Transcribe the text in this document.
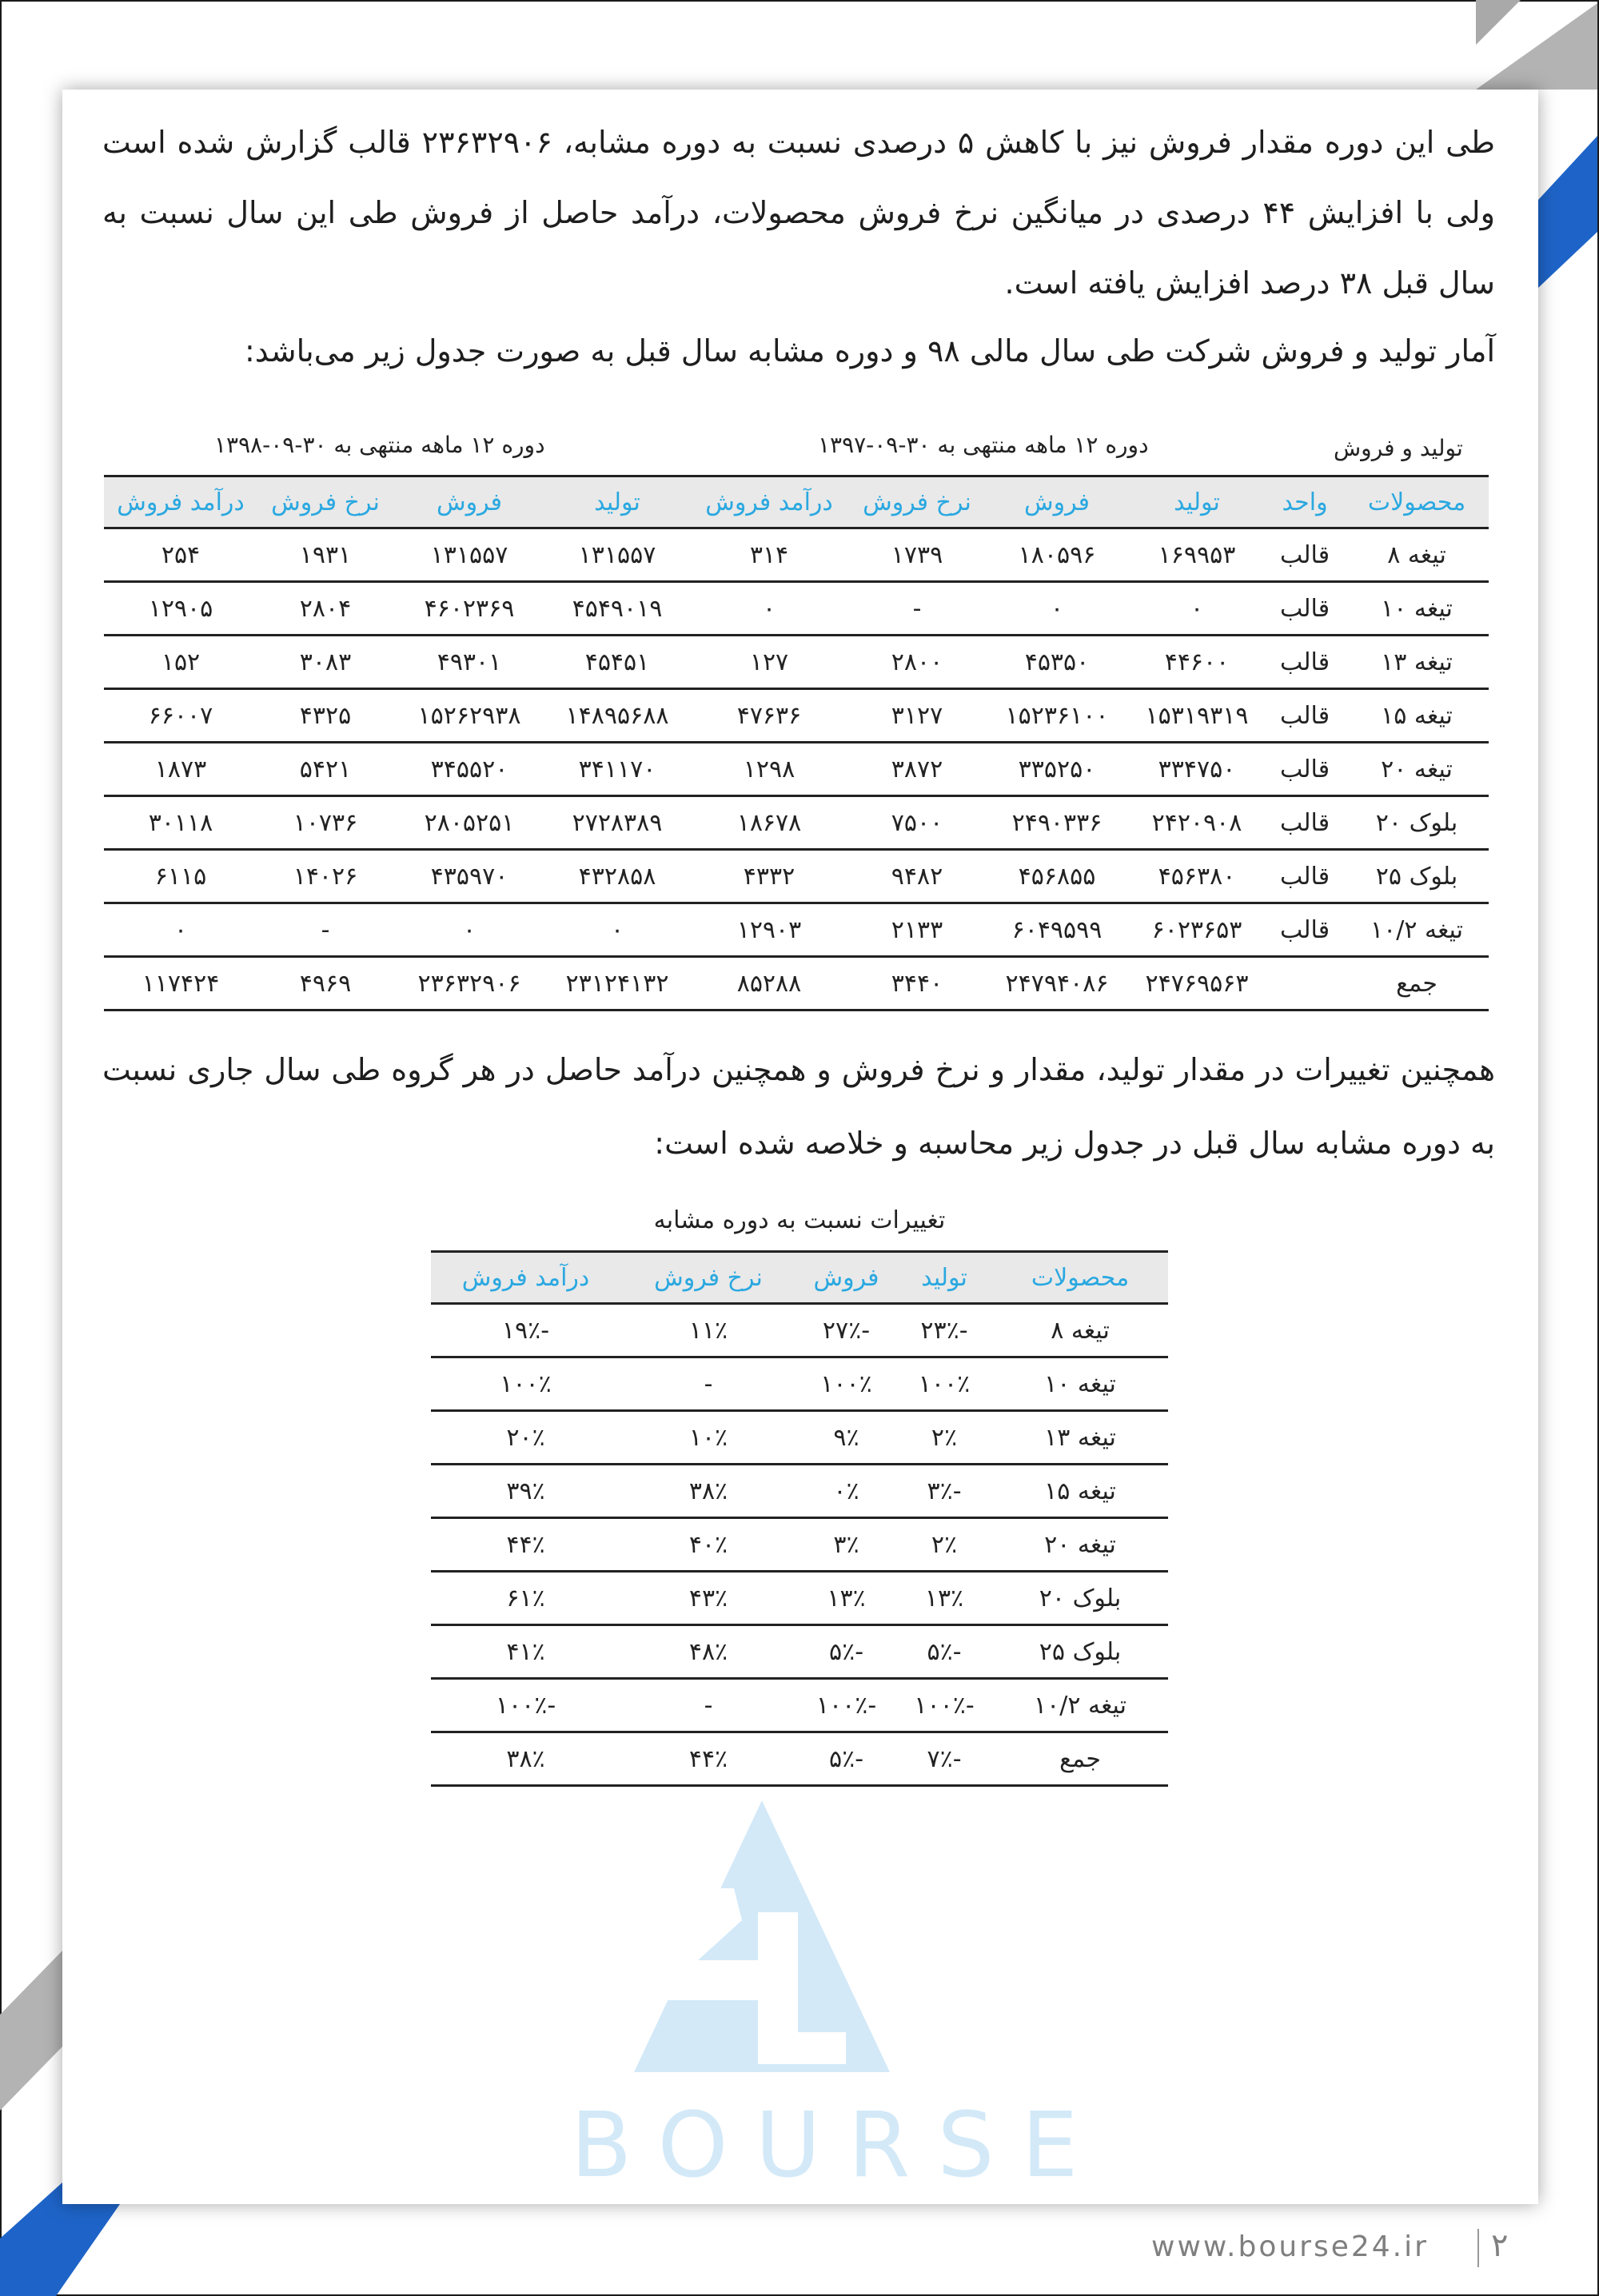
طی این دوره مقدار فروش نیز با کاهش ۵ درصدی نسبت به دوره مشابه، ۲۳۶۳۲۹۰۶ قالب گزارش شده است ولی با افزایش ۴۴ درصدی در میانگین نرخ فروش محصولات، درآمد حاصل از فروش طی این سال نسبت به سال قبل ۳۸ درصد افزایش یافته است.
آمار تولید و فروش شرکت طی سال مالی ۹۸ و دوره مشابه سال قبل به صورت جدول زیر می‌باشد:
تولید و فروش
دوره ۱۲ ماهه منتهی به ۳۰-۰۹-۱۳۹۷
دوره ۱۲ ماهه منتهی به ۳۰-۰۹-۱۳۹۸
محصولات	واحد	تولید	فروش	نرخ فروش	درآمد فروش	تولید	فروش	نرخ فروش	درآمد فروش
تیغه ۸	قالب	۱۶۹۹۵۳	۱۸۰۵۹۶	۱۷۳۹	۳۱۴	۱۳۱۵۵۷	۱۳۱۵۵۷	۱۹۳۱	۲۵۴
تیغه ۱۰	قالب	۰	۰	-	۰	۴۵۴۹۰۱۹	۴۶۰۲۳۶۹	۲۸۰۴	۱۲۹۰۵
تیغه ۱۳	قالب	۴۴۶۰۰	۴۵۳۵۰	۲۸۰۰	۱۲۷	۴۵۴۵۱	۴۹۳۰۱	۳۰۸۳	۱۵۲
تیغه ۱۵	قالب	۱۵۳۱۹۳۱۹	۱۵۲۳۶۱۰۰	۳۱۲۷	۴۷۶۳۶	۱۴۸۹۵۶۸۸	۱۵۲۶۲۹۳۸	۴۳۲۵	۶۶۰۰۷
تیغه ۲۰	قالب	۳۳۴۷۵۰	۳۳۵۲۵۰	۳۸۷۲	۱۲۹۸	۳۴۱۱۷۰	۳۴۵۵۲۰	۵۴۲۱	۱۸۷۳
بلوک ۲۰	قالب	۲۴۲۰۹۰۸	۲۴۹۰۳۳۶	۷۵۰۰	۱۸۶۷۸	۲۷۲۸۳۸۹	۲۸۰۵۲۵۱	۱۰۷۳۶	۳۰۱۱۸
بلوک ۲۵	قالب	۴۵۶۳۸۰	۴۵۶۸۵۵	۹۴۸۲	۴۳۳۲	۴۳۲۸۵۸	۴۳۵۹۷۰	۱۴۰۲۶	۶۱۱۵
تیغه ۱۰/۲	قالب	۶۰۲۳۶۵۳	۶۰۴۹۵۹۹	۲۱۳۳	۱۲۹۰۳	۰	۰	-	۰
جمع		۲۴۷۶۹۵۶۳	۲۴۷۹۴۰۸۶	۳۴۴۰	۸۵۲۸۸	۲۳۱۲۴۱۳۲	۲۳۶۳۲۹۰۶	۴۹۶۹	۱۱۷۴۲۴
همچنین تغییرات در مقدار تولید، مقدار و نرخ فروش و همچنین درآمد حاصل در هر گروه طی سال جاری نسبت به دوره مشابه سال قبل در جدول زیر محاسبه و خلاصه شده است:
تغییرات نسبت به دوره مشابه
محصولات	تولید	فروش	نرخ فروش	درآمد فروش
تیغه ۸	-۲۳٪	-۲۷٪	۱۱٪	-۱۹٪
تیغه ۱۰	۱۰۰٪	۱۰۰٪	-	۱۰۰٪
تیغه ۱۳	۲٪	۹٪	۱۰٪	۲۰٪
تیغه ۱۵	-۳٪	۰٪	۳۸٪	۳۹٪
تیغه ۲۰	۲٪	۳٪	۴۰٪	۴۴٪
بلوک ۲۰	۱۳٪	۱۳٪	۴۳٪	۶۱٪
بلوک ۲۵	-۵٪	-۵٪	۴۸٪	۴۱٪
تیغه ۱۰/۲	-۱۰۰٪	-۱۰۰٪	-	-۱۰۰٪
جمع	-۷٪	-۵٪	۴۴٪	۳۸٪
BOURSE
www.bourse24.ir ۲
